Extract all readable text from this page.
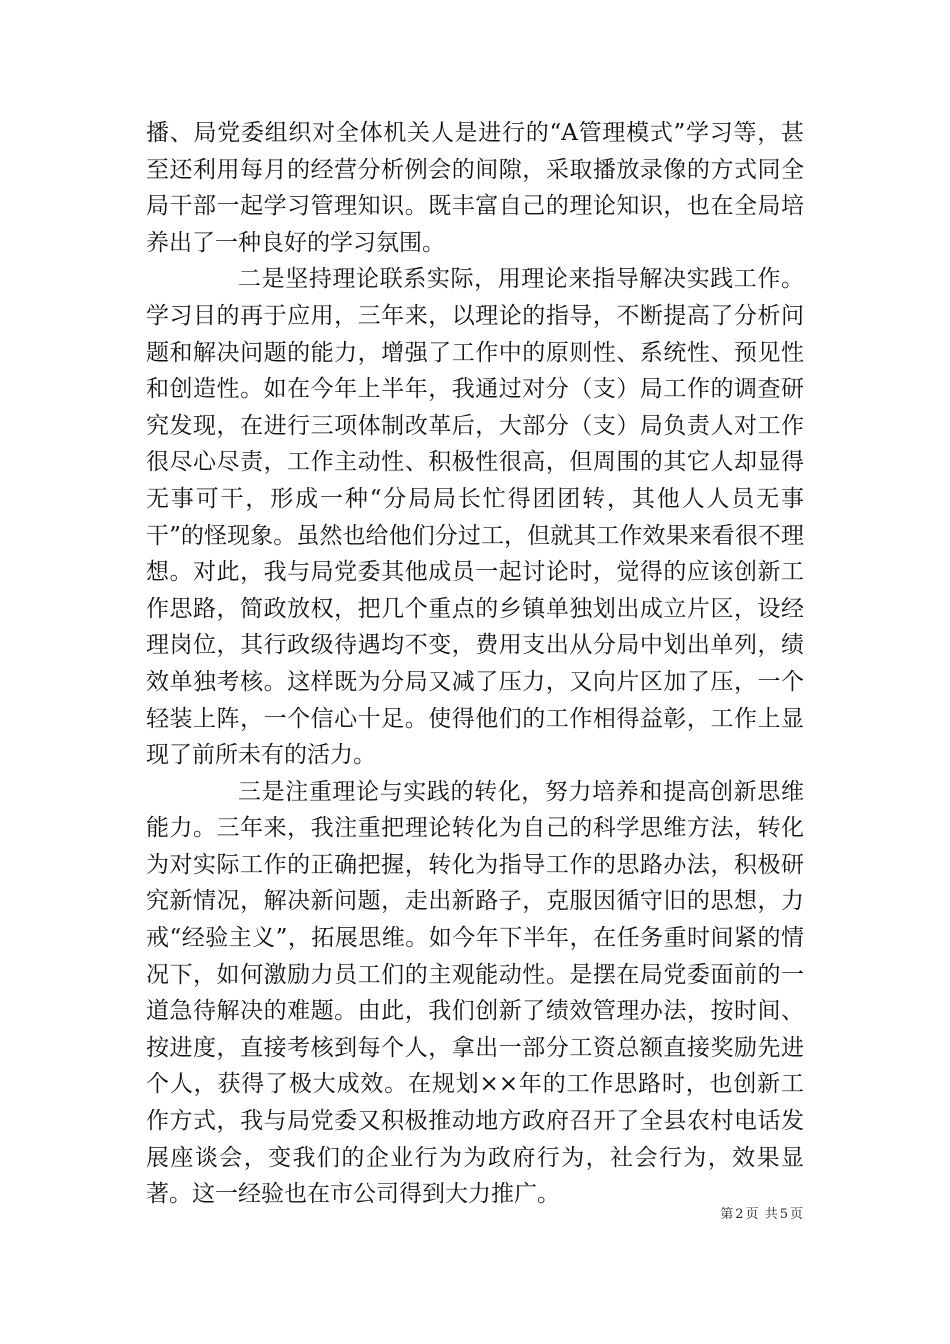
播、局党委组织对全体机关人是进行的“A管理模式”学习等，甚至还利用每月的经营分析例会的间隙，采取播放录像的方式同全局干部一起学习管理知识。既丰富自己的理论知识，也在全局培养出了一种良好的学习氛围。

二是坚持理论联系实际，用理论来指导解决实践工作。学习目的再于应用，三年来，以理论的指导，不断提高了分析问题和解决问题的能力，增强了工作中的原则性、系统性、预见性和创造性。如在今年上半年，我通过对分（支）局工作的调查研究发现，在进行三项体制改革后，大部分（支）局负责人对工作很尽心尽责，工作主动性、积极性很高，但周围的其它人却显得无事可干，形成一种“分局局长忙得团团转，其他人人员无事干”的怪现象。虽然也给他们分过工，但就其工作效果来看很不理想。对此，我与局党委其他成员一起讨论时，觉得的应该创新工作思路，简政放权，把几个重点的乡镇单独划出成立片区，设经理岗位，其行政级待遇均不变，费用支出从分局中划出单列，绩效单独考核。这样既为分局又减了压力，又向片区加了压，一个轻装上阵，一个信心十足。使得他们的工作相得益彰，工作上显现了前所未有的活力。

三是注重理论与实践的转化，努力培养和提高创新思维能力。三年来，我注重把理论转化为自己的科学思维方法，转化为对实际工作的正确把握，转化为指导工作的思路办法，积极研究新情况，解决新问题，走出新路子，克服因循守旧的思想，力戒“经验主义”，拓展思维。如今年下半年，在任务重时间紧的情况下，如何激励力员工们的主观能动性。是摆在局党委面前的一道急待解决的难题。由此，我们创新了绩效管理办法，按时间、按进度，直接考核到每个人，拿出一部分工资总额直接奖励先进个人，获得了极大成效。在规划××年的工作思路时，也创新工作方式，我与局党委又积极推动地方政府召开了全县农村电话发展座谈会，变我们的企业行为为政府行为，社会行为，效果显著。这一经验也在市公司得到大力推广。

第 2 页 共 5 页
